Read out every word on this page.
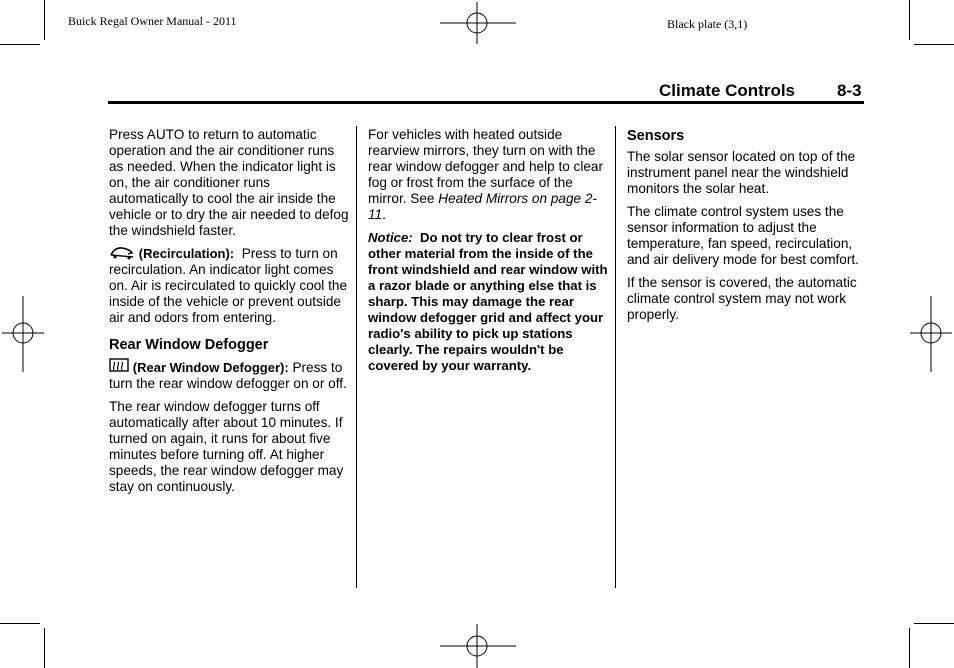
Buick Regal Owner Manual - 2011	Black plate (3,1)
Climate Controls 8-3

Press AUTO to return to automatic operation and the air conditioner runs as needed. When the indicator light is on, the air conditioner runs automatically to cool the air inside the vehicle or to dry the air needed to defog the windshield faster.

(Recirculation): Press to turn on recirculation. An indicator light comes on. Air is recirculated to quickly cool the inside of the vehicle or prevent outside air and odors from entering.

Rear Window Defogger

(Rear Window Defogger): Press to turn the rear window defogger on or off.

The rear window defogger turns off automatically after about 10 minutes. If turned on again, it runs for about five minutes before turning off. At higher speeds, the rear window defogger may stay on continuously.

For vehicles with heated outside rearview mirrors, they turn on with the rear window defogger and help to clear fog or frost from the surface of the mirror. See Heated Mirrors on page 2-11.

Notice: Do not try to clear frost or other material from the inside of the front windshield and rear window with a razor blade or anything else that is sharp. This may damage the rear window defogger grid and affect your radio's ability to pick up stations clearly. The repairs wouldn't be covered by your warranty.

Sensors

The solar sensor located on top of the instrument panel near the windshield monitors the solar heat.

The climate control system uses the sensor information to adjust the temperature, fan speed, recirculation, and air delivery mode for best comfort.

If the sensor is covered, the automatic climate control system may not work properly.
